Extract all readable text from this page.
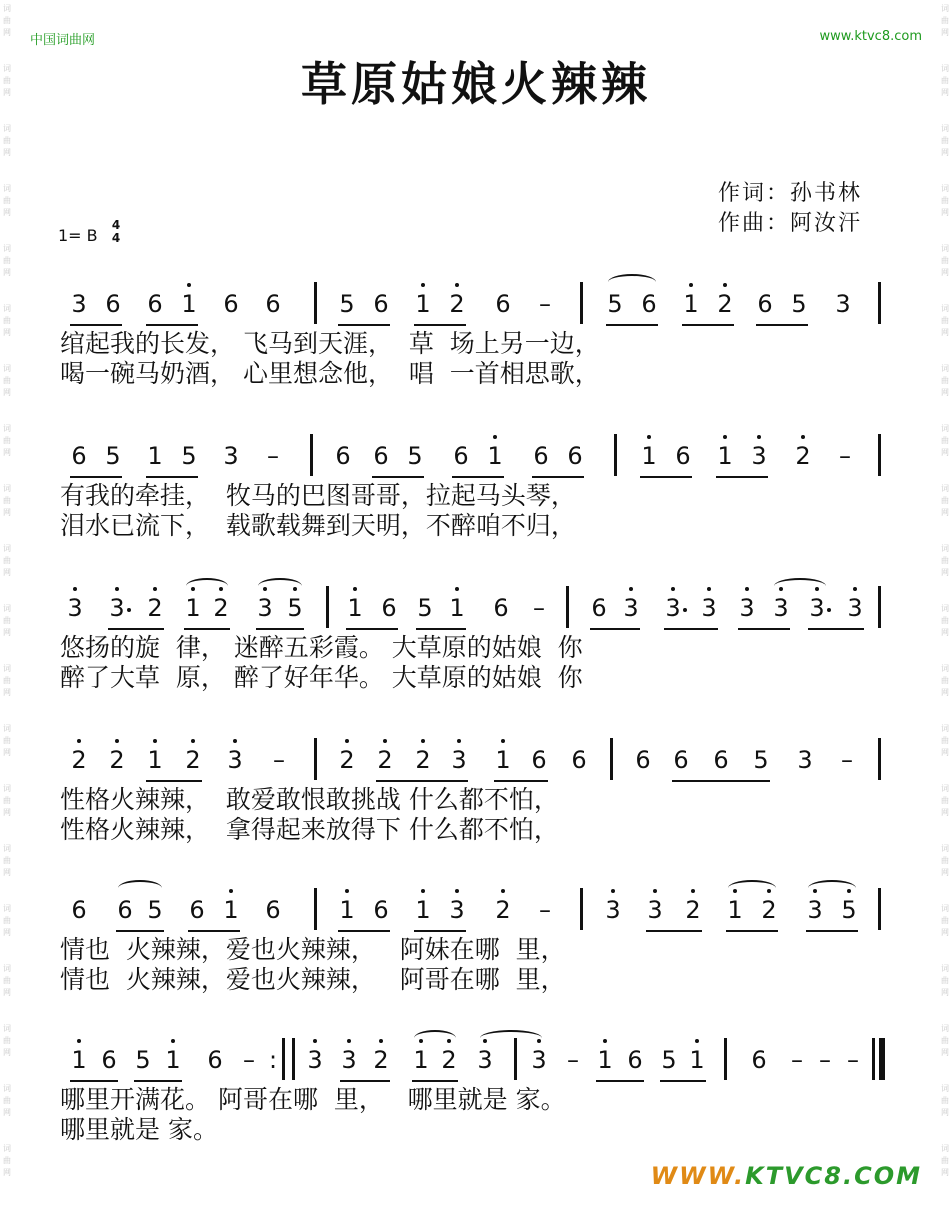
词
曲
网
词
曲
网
词
曲
网
词
曲
网
词
曲
网
词
曲
网
词
曲
网
词
曲
网
词
曲
网
词
曲
网
词
曲
网
词
曲
网
词
曲
网
词
曲
网
词
曲
网
词
曲
网
词
曲
网
词
曲
网
词
曲
网
词
曲
网
词
曲
网
词
曲
网
词
曲
网
词
曲
网
词
曲
网
词
曲
网
词
曲
网
词
曲
网
词
曲
网
词
曲
网
词
曲
网
词
曲
网
词
曲
网
词
曲
网
词
曲
网
词
曲
网
词
曲
网
词
曲
网
词
曲
网
词
曲
网
中国词曲网	www.ktvc8.com
草原姑娘火辣辣
作词：孙书林
作曲：阿汝汗
1= B
4
4
3 6 6 1 6 6 5 6 1 2 6 – 5 6 1 2 6 5 3
绾起我的长发， 飞马到天涯，  草  场上另一边，
喝一碗马奶酒， 心里想念他，  唱  一首相思歌，
6 5 1 5 3 – 6 6 5 6 1 6 6 1 6 1 3 2 –
有我的牵挂，  牧马的巴图哥哥，拉起马头琴，
泪水已流下，  载歌载舞到天明，不醉咱不归，
3 3 2 1 2 3 5 1 6 5 1 6 – 6 3 3 3 3 3 3 3
悠扬的旋  律， 迷醉五彩霞。 大草原的姑娘  你
醉了大草  原， 醉了好年华。 大草原的姑娘  你
2 2 1 2 3 – 2 2 2 3 1 6 6 6 6 6 5 3 –
性格火辣辣，  敢爱敢恨敢挑战 什么都不怕，
性格火辣辣，  拿得起来放得下 什么都不怕，
6 6 5 6 1 6 1 6 1 3 2 – 3 3 2 1 2 3 5
情也  火辣辣，爱也火辣辣，   阿妹在哪  里，
情也  火辣辣，爱也火辣辣，   阿哥在哪  里，
1 6 5 1 6 – : 3 3 2 1 2 3 3 – 1 6 5 1 6 – – –
哪里开满花。 阿哥在哪  里，   哪里就是 家。
哪里就是 家。
WWW.KTVC8.COM
